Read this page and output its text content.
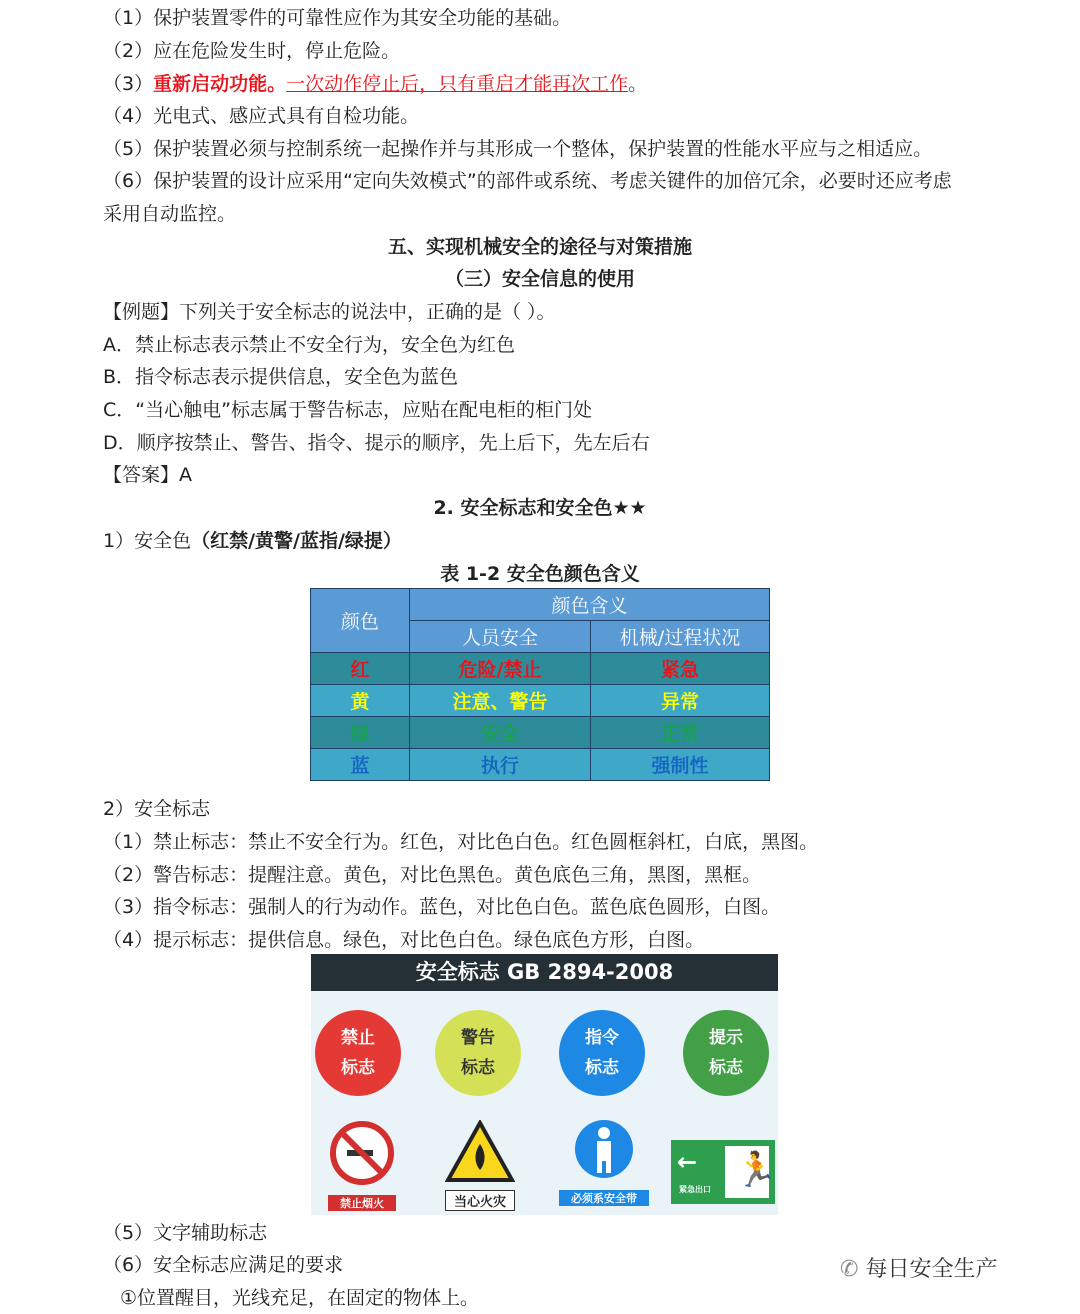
（1）保护装置零件的可靠性应作为其安全功能的基础。
（2）应在危险发生时，停止危险。
（3）重新启动功能。一次动作停止后，只有重启才能再次工作。
（4）光电式、感应式具有自检功能。
（5）保护装置必须与控制系统一起操作并与其形成一个整体，保护装置的性能水平应与之相适应。
（6）保护装置的设计应采用“定向失效模式”的部件或系统、考虑关键件的加倍冗余，必要时还应考虑
采用自动监控。
五、实现机械安全的途径与对策措施
（三）安全信息的使用
【例题】下列关于安全标志的说法中，正确的是（ ）。
A．禁止标志表示禁止不安全行为，安全色为红色
B．指令标志表示提供信息，安全色为蓝色
C．“当心触电”标志属于警告标志，应贴在配电柜的柜门处
D．顺序按禁止、警告、指令、提示的顺序，先上后下，先左后右
【答案】A
2. 安全标志和安全色★★
1）安全色（红禁/黄警/蓝指/绿提）
表 1-2 安全色颜色含义
颜色	颜色含义	
	人员安全	机械/过程状况
红	危险/禁止	紧急
黄	注意、警告	异常
绿	安全	正常
蓝	执行	强制性
2）安全标志
（1）禁止标志：禁止不安全行为。红色，对比色白色。红色圆框斜杠，白底，黑图。
（2）警告标志：提醒注意。黄色，对比色黑色。黄色底色三角，黑图，黑框。
（3）指令标志：强制人的行为动作。蓝色，对比色白色。蓝色底色圆形，白图。
（4）提示标志：提供信息。绿色，对比色白色。绿色底色方形，白图。
安全标志 GB 2894-2008
禁止
标志
警告
标志
指令
标志
提示
标志
禁止烟火	当心火灾	必须系安全带
← 🏃
紧急出口
（5）文字辅助标志
（6）安全标志应满足的要求
①位置醒目，光线充足，在固定的物体上。
✆ 每日安全生产
